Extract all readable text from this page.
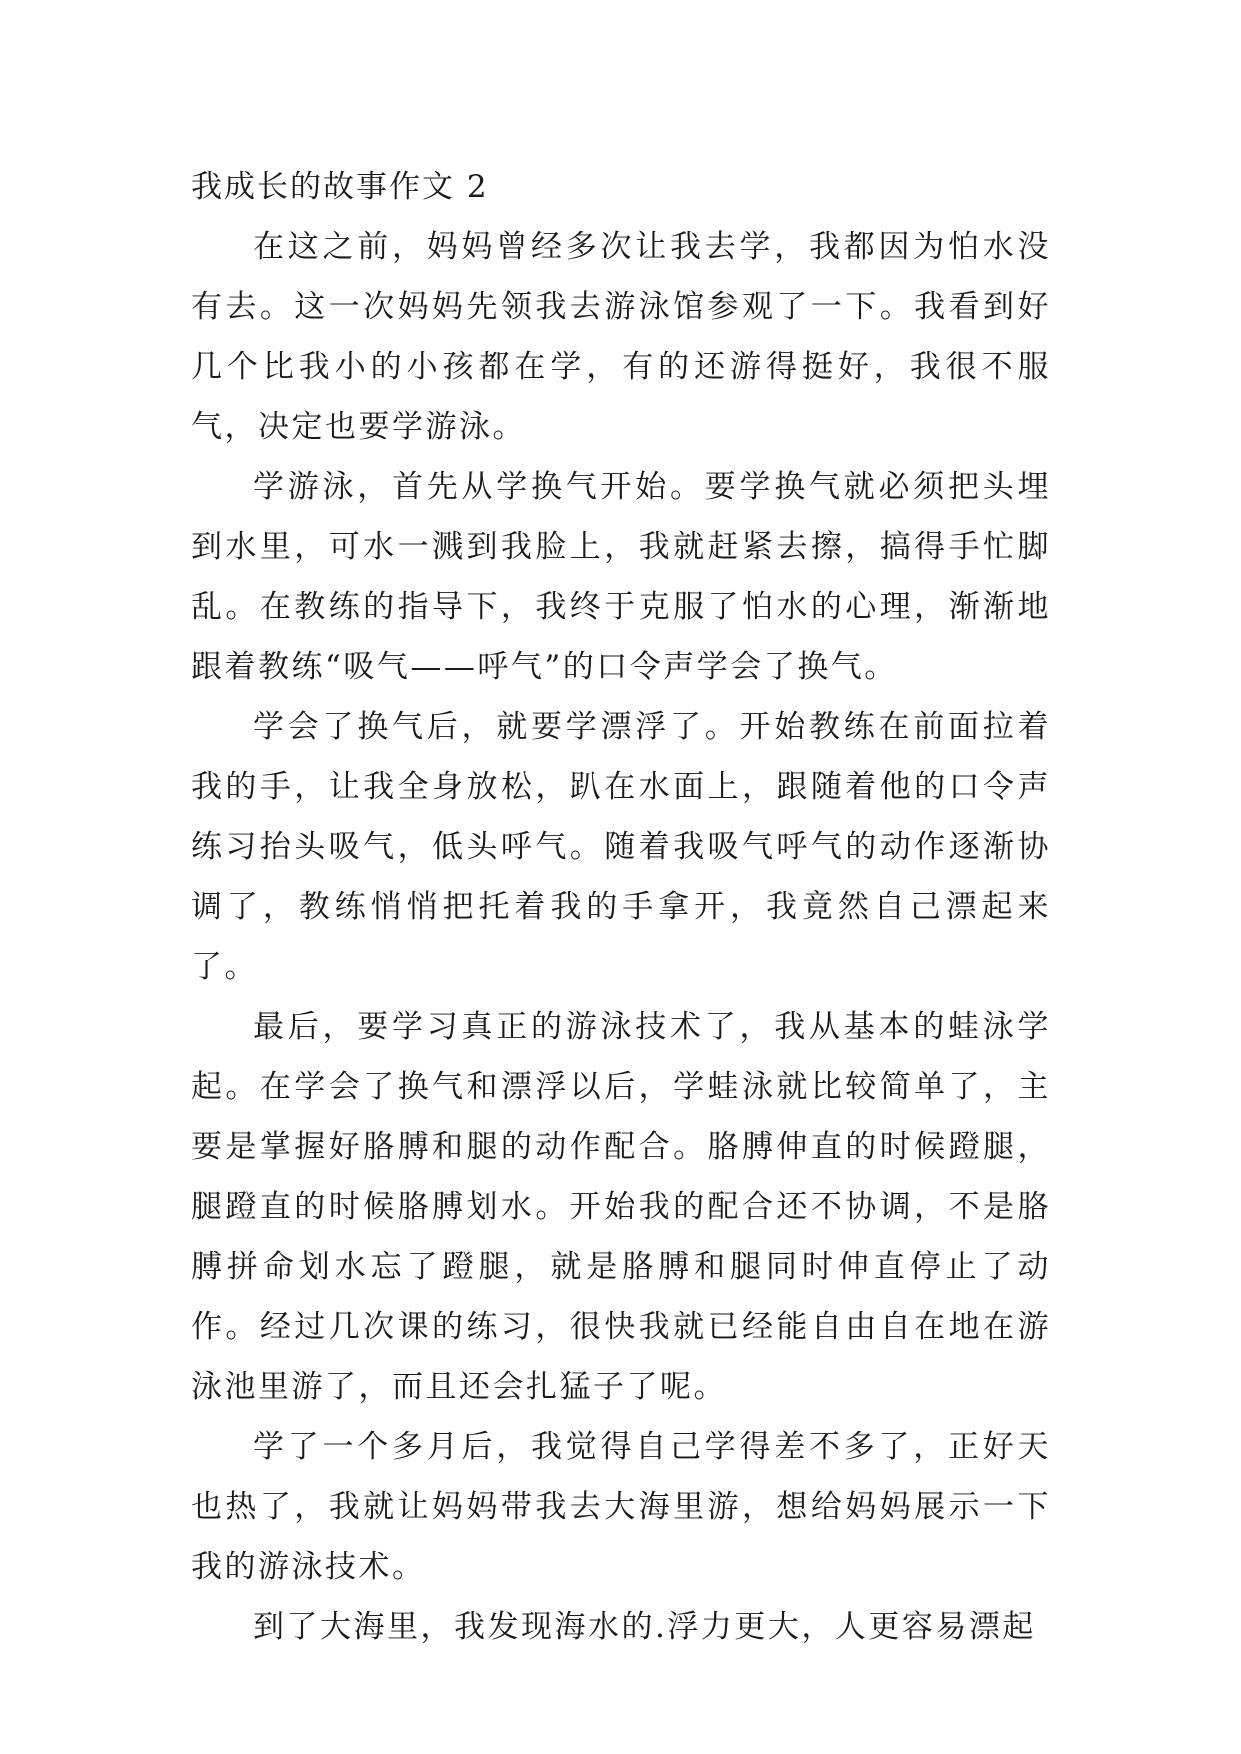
我成长的故事作文 2

在这之前，妈妈曾经多次让我去学，我都因为怕水没有去。这一次妈妈先领我去游泳馆参观了一下。我看到好几个比我小的小孩都在学，有的还游得挺好，我很不服气，决定也要学游泳。

学游泳，首先从学换气开始。要学换气就必须把头埋到水里，可水一溅到我脸上，我就赶紧去擦，搞得手忙脚乱。在教练的指导下，我终于克服了怕水的心理，渐渐地跟着教练“吸气——呼气”的口令声学会了换气。

学会了换气后，就要学漂浮了。开始教练在前面拉着我的手，让我全身放松，趴在水面上，跟随着他的口令声练习抬头吸气，低头呼气。随着我吸气呼气的动作逐渐协调了，教练悄悄把托着我的手拿开，我竟然自己漂起来了。

最后，要学习真正的游泳技术了，我从基本的蛙泳学起。在学会了换气和漂浮以后，学蛙泳就比较简单了，主要是掌握好胳膊和腿的动作配合。胳膊伸直的时候蹬腿，腿蹬直的时候胳膊划水。开始我的配合还不协调，不是胳膊拼命划水忘了蹬腿，就是胳膊和腿同时伸直停止了动作。经过几次课的练习，很快我就已经能自由自在地在游泳池里游了，而且还会扎猛子了呢。

学了一个多月后，我觉得自己学得差不多了，正好天也热了，我就让妈妈带我去大海里游，想给妈妈展示一下我的游泳技术。

到了大海里，我发现海水的.浮力更大，人更容易漂起
